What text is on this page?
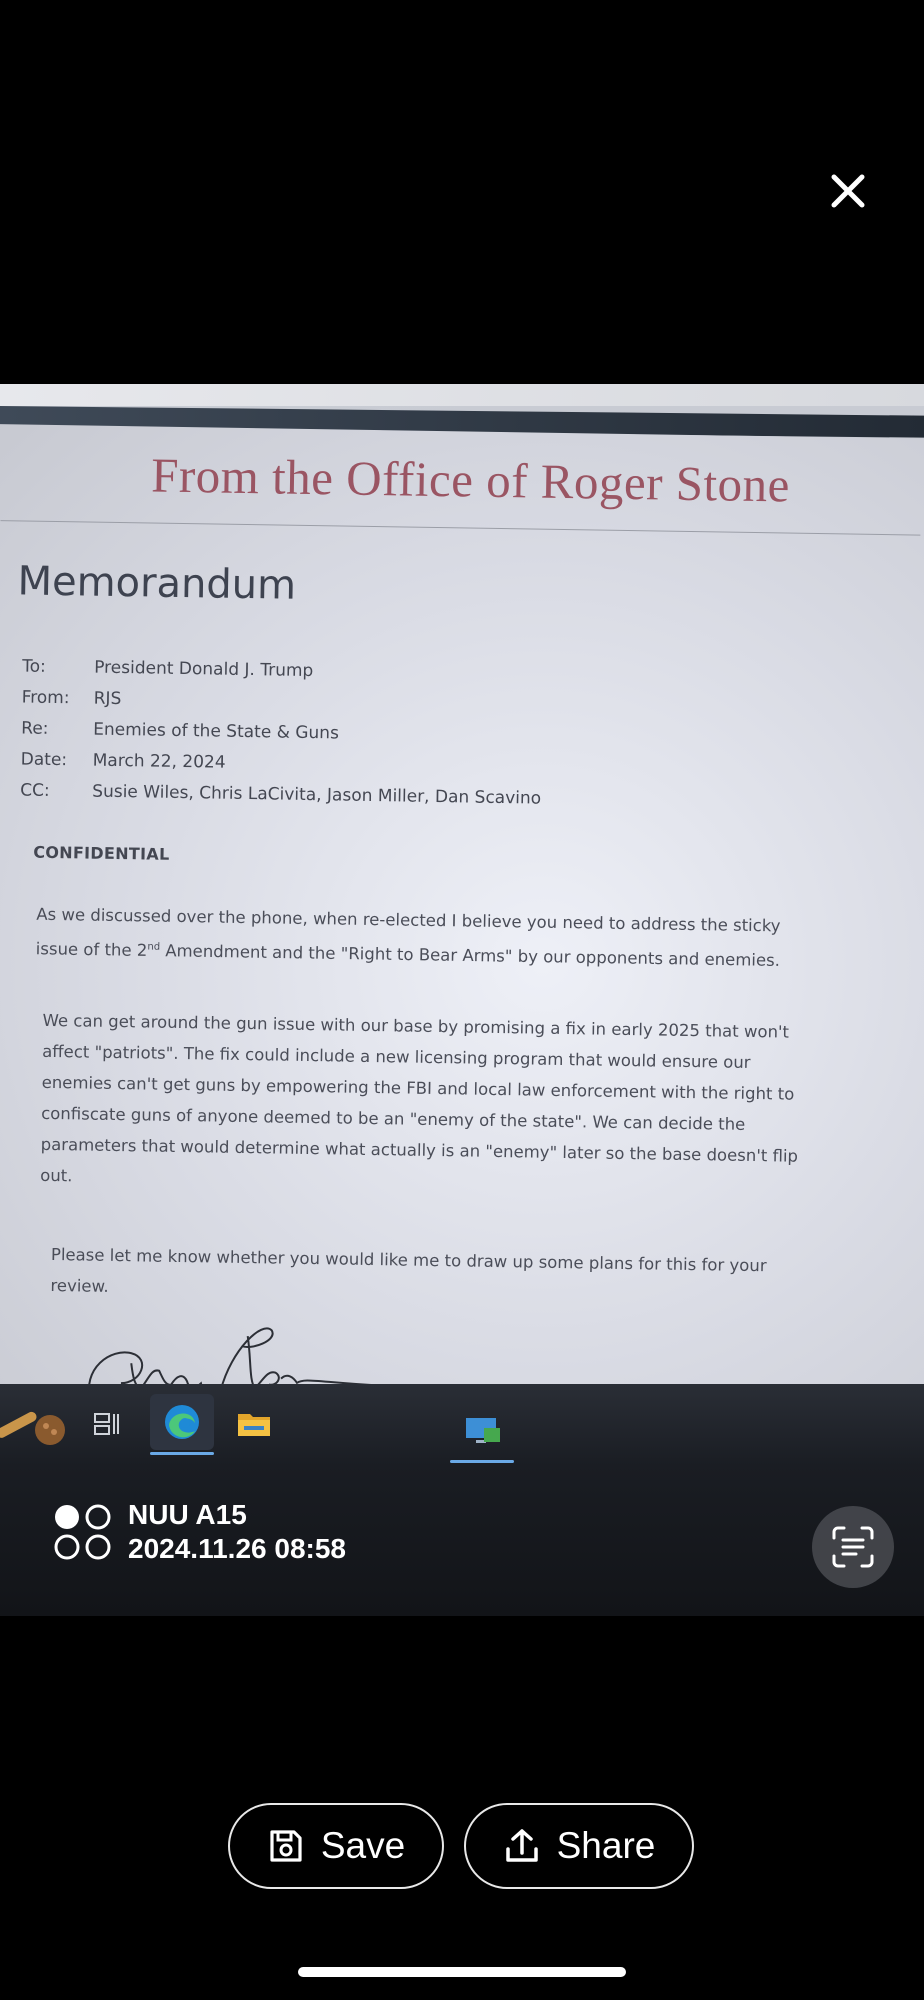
From the Office of Roger Stone
Memorandum
To:	President Donald J. Trump
From:	RJS
Re:	Enemies of the State & Guns
Date:	March 22, 2024
CC:	Susie Wiles, Chris LaCivita, Jason Miller, Dan Scavino
CONFIDENTIAL
As we discussed over the phone, when re-elected I believe you need to address the sticky issue of the 2nd Amendment and the "Right to Bear Arms" by our opponents and enemies.
We can get around the gun issue with our base by promising a fix in early 2025 that won't affect "patriots". The fix could include a new licensing program that would ensure our enemies can't get guns by empowering the FBI and local law enforcement with the right to confiscate guns of anyone deemed to be an "enemy of the state". We can decide the parameters that would determine what actually is an "enemy" later so the base doesn't flip out.
Please let me know whether you would like me to draw up some plans for this for your review.
NUU A15
2024.11.26 08:58
Save	Share
